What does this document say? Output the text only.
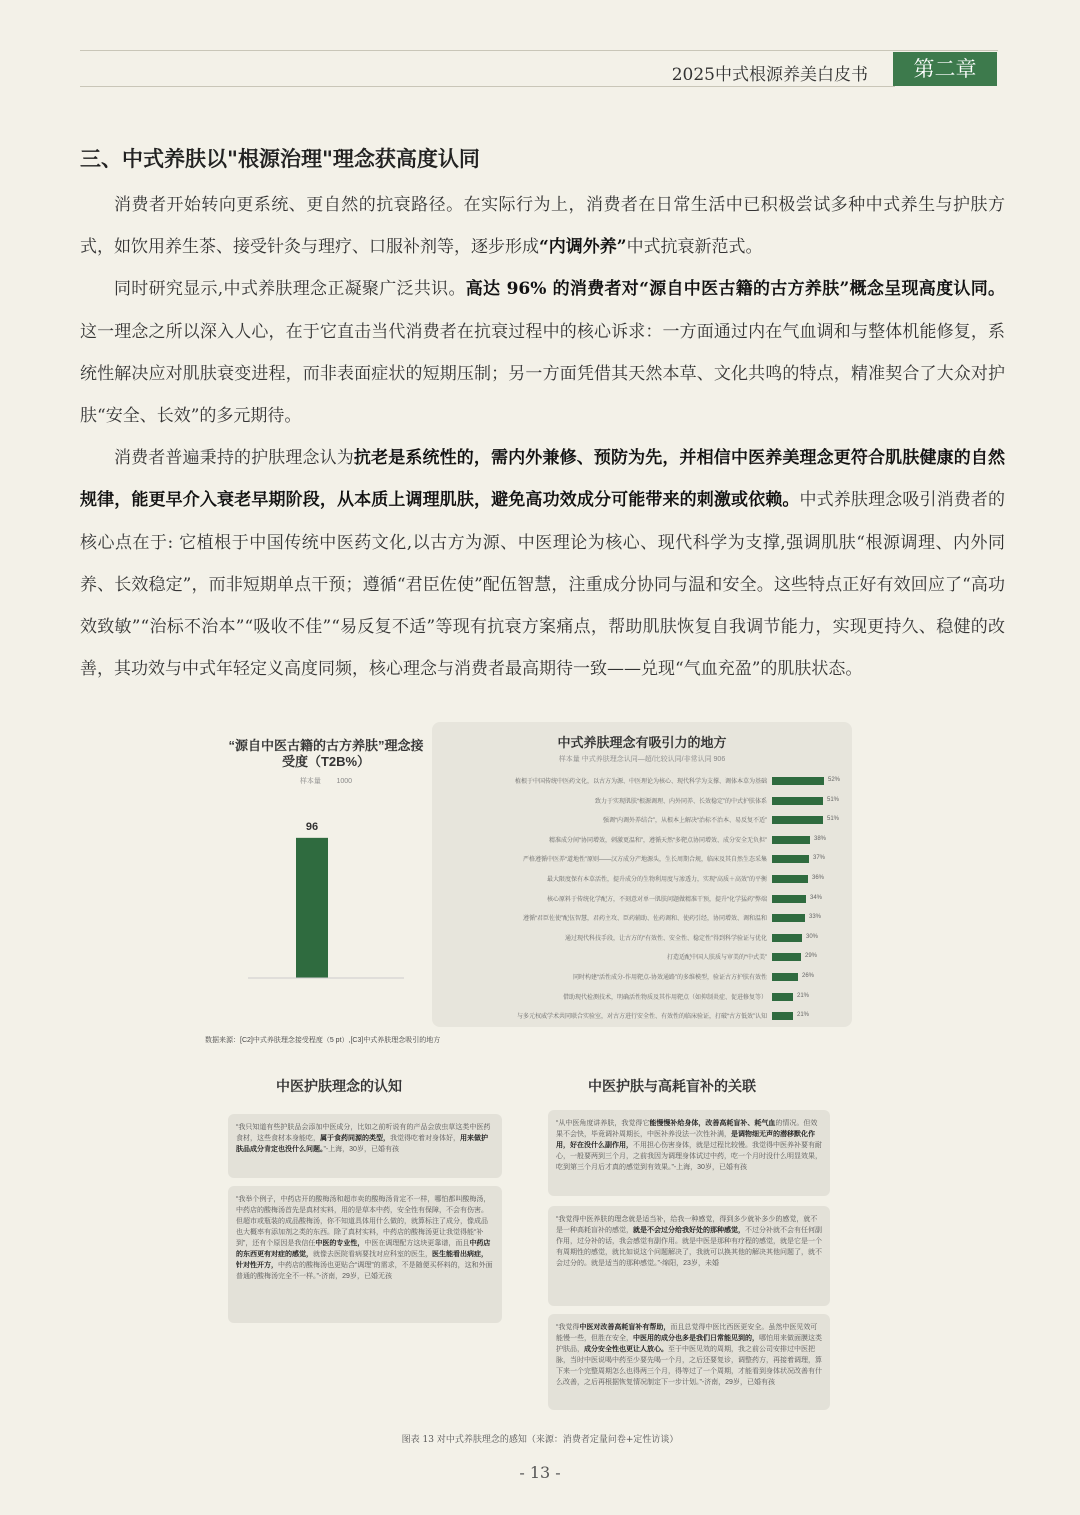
2025中式根源养美白皮书	第二章
三、中式养肤以"根源治理"理念获高度认同

消费者开始转向更系统、更自然的抗衰路径。在实际行为上，消费者在日常生活中已积极尝试多种中式养生与护肤方式，如饮用养生茶、接受针灸与理疗、口服补剂等，逐步形成“内调外养”中式抗衰新范式。

同时研究显示,中式养肤理念正凝聚广泛共识。高达 96% 的消费者对“源自中医古籍的古方养肤”概念呈现高度认同。这一理念之所以深入人心，在于它直击当代消费者在抗衰过程中的核心诉求：一方面通过内在气血调和与整体机能修复，系统性解决应对肌肤衰变进程，而非表面症状的短期压制；另一方面凭借其天然本草、文化共鸣的特点，精准契合了大众对护肤“安全、长效”的多元期待。

消费者普遍秉持的护肤理念认为抗老是系统性的，需内外兼修、预防为先，并相信中医养美理念更符合肌肤健康的自然规律，能更早介入衰老早期阶段，从本质上调理肌肤，避免高功效成分可能带来的刺激或依赖。中式养肤理念吸引消费者的核心点在于: 它植根于中国传统中医药文化,以古方为源、中医理论为核心、现代科学为支撑,强调肌肤“根源调理、内外同养、长效稳定”，而非短期单点干预；遵循“君臣佐使”配伍智慧，注重成分协同与温和安全。这些特点正好有效回应了“高功效致敏”“治标不治本”“吸收不佳”“易反复不适”等现有抗衰方案痛点，帮助肌肤恢复自我调节能力，实现更持久、稳健的改善，其功效与中式年轻定义高度同频，核心理念与消费者最高期待一致——兑现“气血充盈”的肌肤状态。

“源自中医古籍的古方养肤”理念接受度（T2B%）
样本量 1000
96
中式养肤理念有吸引力的地方
样本量 中式养肤理念认同—超/比较认同/非常认同 906
植根于中国传统中医药文化，以古方为源、中医理论为核心、现代科学为支撑、调体本草为基础	52%
致力于实现肌肤“根源调理、内外同养、长效稳定”的中式护肤体系	51%
强调“内调外养结合”，从根本上解决“治标不治本、易反复不适”	51%
精准成分间“协同增效，刺激更温和”，遵循天然“多靶点协同增效、成分安全无负担”	38%
严格遵循中医养“道地性”原则——汉方成分产地源头，生长周期合规，临床及其自然生态采集	37%
最大限度保有本草活性，提升成分的生物利用度与渗透力，实现“高质＋高效”的平衡	36%
核心原料于传统化学配方，不刻意对单一肌肤问题做精准干预，提升“化学猛药”弊端	34%
遵循“君臣佐使”配伍智慧，君药主攻、臣药辅助、佐药调和、使药引经，协同增效、调和温和	33%
通过现代科技手段，让古方的“有效性、安全性、稳定性”得到科学验证与优化	30%
打造适配中国人肤质与审美的“中式美”	29%
同时构建“活性成分-作用靶点-协效通路”的多维模型，验证古方护肤有效性	26%
借助现代检测技术，明确活性物质及其作用靶点（如抑制炎症、促进修复等）	21%
与多元权威学术共同联合实验室，对古方进行安全性、有效性的临床验证，打破“古方低效”认知	21%
数据来源：[C2]中式养肤理念接受程度（5 pt）,[C3]中式养肤理念吸引的地方
中医护肤理念的认知	中医护肤与高耗盲补的关联
“我只知道有些护肤品会添加中医成分，比如之前听说有的产品会放虫草这类中医药食材，这些食材本身能吃，属于食药同源的类型，我觉得吃着对身体好，用来做护肤品成分肯定也没什么问题。”-上海，30岁，已婚有孩
“我举个例子，中药店开的酸梅汤和超市卖的酸梅汤肯定不一样，哪怕都叫酸梅汤，中药店的酸梅汤首先是真材实料，用的是草本中药，安全性有保障，不会有伤害。但超市或瓶装的成品酸梅汤，你不知道具体用什么做的，就算标注了成分，像成品也大概率有添加剂之类的东西。除了真材实料，中药店的酸梅汤更让我觉得能“补到”，还有个原因是我信任中医的专业性，中医在调理配方这块更靠谱，而且中药店的东西更有对症的感觉，就像去医院看病要找对应科室的医生，医生能看出病症，针对性开方，中药店的酸梅汤也更贴合“调理”的需求，不是随便买杯料的，这和外面普通的酸梅汤完全不一样。”-济南，29岁，已婚无孩
“从中医角度讲养肤，我觉得它能慢慢补给身体，改善高耗盲补、耗气血的情况。但效果不会快，毕竟调补周期长，中医补养没法一次性补满，是调物细无声的潜移默化作用，好在没什么副作用，不用担心伤害身体，就是过程比较慢。我觉得中医养补要有耐心，一般要两到三个月，之前我因为调理身体试过中药，吃一个月时没什么明显效果，吃到第三个月后才真的感觉到有效果。”-上海，30岁，已婚有孩
“我觉得中医养肤的理念就是适当补，给我一种感觉，得到多少就补多少的感觉，就不是一种高耗盲补的感觉，就是不会过分给我好处的那种感觉，不过分补就不会有任何副作用，过分补的话，我会感觉有副作用。就是中医是那种有疗程的感觉，就是它是一个有周期性的感觉，就比如说这个问题解决了，我就可以换其他的解决其他问题了，就不会过分的。就是适当的那种感觉。”-绵阳，23岁，未婚
“我觉得中医对改善高耗盲补有帮助，而且总觉得中医比西医更安全。虽然中医见效可能慢一些，但胜在安全，中医用的成分也多是我们日常能见到的，哪怕用来做面膜这类护肤品，成分安全性也更让人放心。至于中医见效的周期，我之前公司安排过中医把脉，当时中医说喝中药至少要先喝一个月，之后还要复诊，调整药方，再接着调理，算下来一个完整周期怎么也得两三个月，得等过了一个周期，才能看到身体状况改善有什么改善，之后再根据恢复情况制定下一步计划。”-济南，29岁，已婚有孩
图表 13 对中式养肤理念的感知（来源：消费者定量问卷+定性访谈）
- 13 -
